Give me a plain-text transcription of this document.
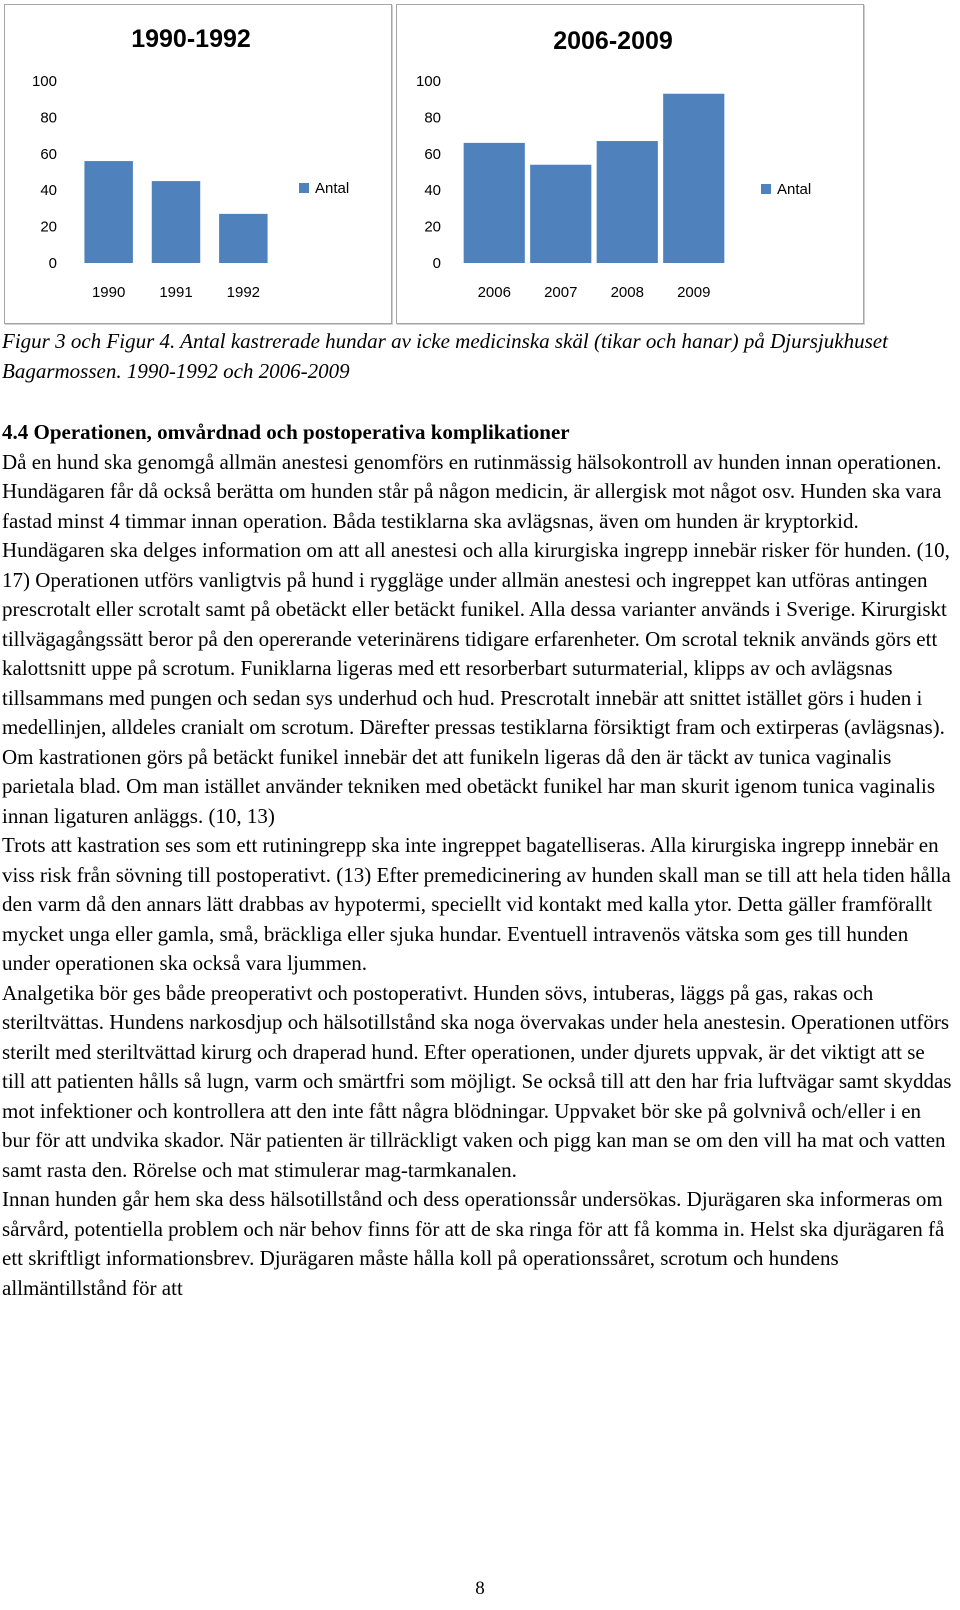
1990-1992
0
20
40
60
80
100
1990 1991 1992
Antal
2006-2009
0
20
40
60
80
100
2006 2007 2008 2009
Antal

Figur 3 och Figur 4. Antal kastrerade hundar av icke medicinska skäl (tikar och hanar) på Djursjukhuset Bagarmossen. 1990-1992 och 2006-2009

4.4 Operationen, omvårdnad och postoperativa komplikationer

Då en hund ska genomgå allmän anestesi genomförs en rutinmässig hälsokontroll av hunden innan operationen. Hundägaren får då också berätta om hunden står på någon medicin, är allergisk mot något osv. Hunden ska vara fastad minst 4 timmar innan operation. Båda testiklarna ska avlägsnas, även om hunden är kryptorkid. Hundägaren ska delges information om att all anestesi och alla kirurgiska ingrepp innebär risker för hunden. (10, 17) Operationen utförs vanligtvis på hund i ryggläge under allmän anestesi och ingreppet kan utföras antingen prescrotalt eller scrotalt samt på obetäckt eller betäckt funikel. Alla dessa varianter används i Sverige. Kirurgiskt tillvägagångssätt beror på den opererande veterinärens tidigare erfarenheter. Om scrotal teknik används görs ett kalottsnitt uppe på scrotum. Funiklarna ligeras med ett resorberbart suturmaterial, klipps av och avlägsnas tillsammans med pungen och sedan sys underhud och hud. Prescrotalt innebär att snittet istället görs i huden i medellinjen, alldeles cranialt om scrotum. Därefter pressas testiklarna försiktigt fram och extirperas (avlägsnas). Om kastrationen görs på betäckt funikel innebär det att funikeln ligeras då den är täckt av tunica vaginalis parietala blad. Om man istället använder tekniken med obetäckt funikel har man skurit igenom tunica vaginalis innan ligaturen anläggs. (10, 13)

Trots att kastration ses som ett rutiningrepp ska inte ingreppet bagatelliseras. Alla kirurgiska ingrepp innebär en viss risk från sövning till postoperativt. (13) Efter premedicinering av hunden skall man se till att hela tiden hålla den varm då den annars lätt drabbas av hypotermi, speciellt vid kontakt med kalla ytor. Detta gäller framförallt mycket unga eller gamla, små, bräckliga eller sjuka hundar. Eventuell intravenös vätska som ges till hunden under operationen ska också vara ljummen.

Analgetika bör ges både preoperativt och postoperativt. Hunden sövs, intuberas, läggs på gas, rakas och steriltvättas. Hundens narkosdjup och hälsotillstånd ska noga övervakas under hela anestesin. Operationen utförs sterilt med steriltvättad kirurg och draperad hund. Efter operationen, under djurets uppvak, är det viktigt att se till att patienten hålls så lugn, varm och smärtfri som möjligt. Se också till att den har fria luftvägar samt skyddas mot infektioner och kontrollera att den inte fått några blödningar. Uppvaket bör ske på golvnivå och/eller i en bur för att undvika skador. När patienten är tillräckligt vaken och pigg kan man se om den vill ha mat och vatten samt rasta den. Rörelse och mat stimulerar mag-tarmkanalen.

Innan hunden går hem ska dess hälsotillstånd och dess operationssår undersökas. Djurägaren ska informeras om sårvård, potentiella problem och när behov finns för att de ska ringa för att få komma in. Helst ska djurägaren få ett skriftligt informationsbrev. Djurägaren måste hålla koll på operationssåret, scrotum och hundens allmäntillstånd för att

8
